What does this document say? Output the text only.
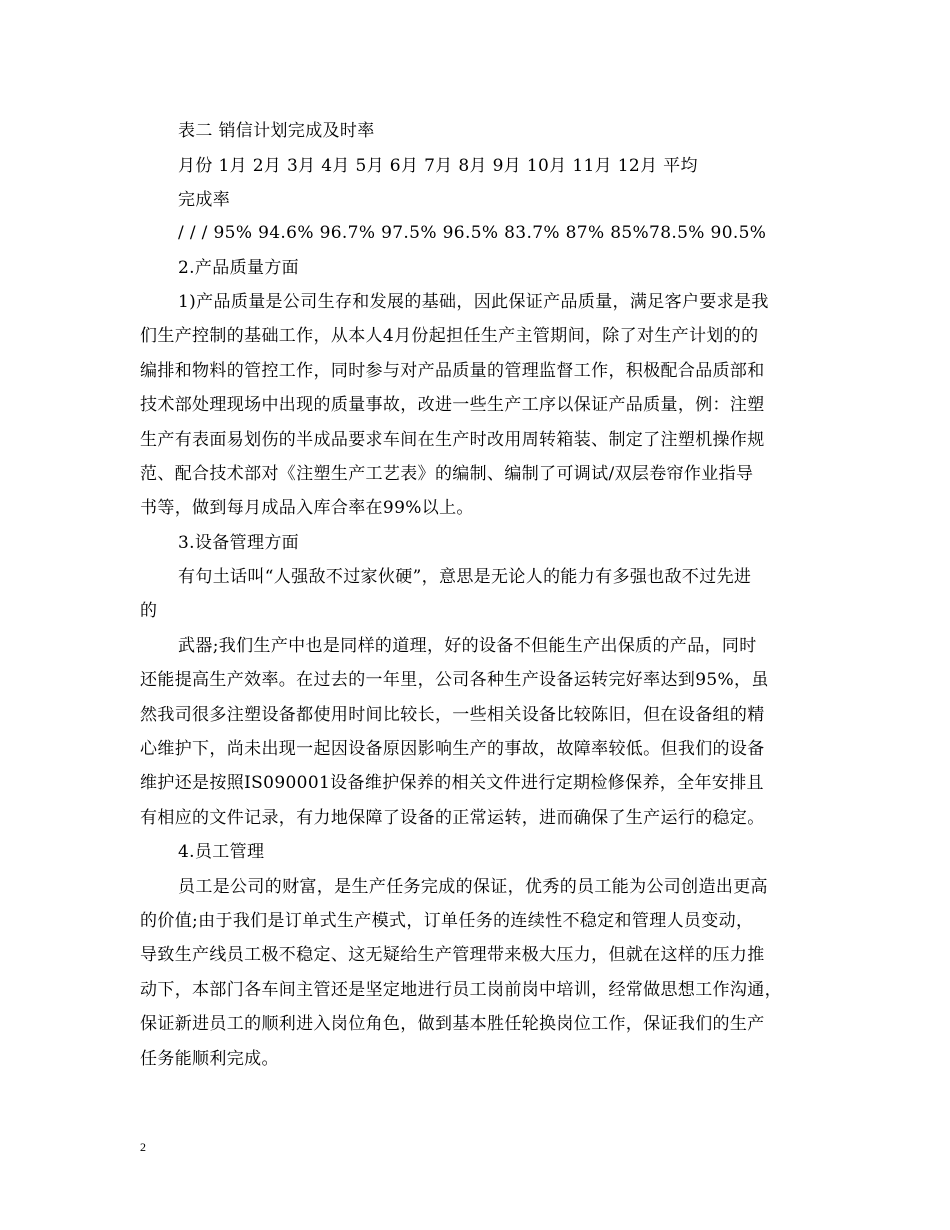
表二 销信计划完成及时率
月份 1月 2月 3月 4月 5月 6月 7月 8月 9月 10月 11月 12月 平均
完成率
/ / / 95% 94.6% 96.7% 97.5% 96.5% 83.7% 87% 85%78.5% 90.5%
2.产品质量方面
1)产品质量是公司生存和发展的基础，因此保证产品质量，满足客户要求是我
们生产控制的基础工作，从本人4月份起担任生产主管期间，除了对生产计划的的
编排和物料的管控工作，同时参与对产品质量的管理监督工作，积极配合品质部和
技术部处理现场中出现的质量事故，改进一些生产工序以保证产品质量，例：注塑
生产有表面易划伤的半成品要求车间在生产时改用周转箱装、制定了注塑机操作规
范、配合技术部对《注塑生产工艺表》的编制、编制了可调试/双层卷帘作业指导
书等，做到每月成品入库合率在99%以上。
3.设备管理方面
有句土话叫“人强敌不过家伙硬”，意思是无论人的能力有多强也敌不过先进
的
武器;我们生产中也是同样的道理，好的设备不但能生产出保质的产品，同时
还能提高生产效率。在过去的一年里，公司各种生产设备运转完好率达到95%，虽
然我司很多注塑设备都使用时间比较长，一些相关设备比较陈旧，但在设备组的精
心维护下，尚未出现一起因设备原因影响生产的事故，故障率较低。但我们的设备
维护还是按照IS090001设备维护保养的相关文件进行定期检修保养，全年安排且
有相应的文件记录，有力地保障了设备的正常运转，进而确保了生产运行的稳定。
4.员工管理
员工是公司的财富，是生产任务完成的保证，优秀的员工能为公司创造出更高
的价值;由于我们是订单式生产模式，订单任务的连续性不稳定和管理人员变动，
导致生产线员工极不稳定、这无疑给生产管理带来极大压力，但就在这样的压力推
动下，本部门各车间主管还是坚定地进行员工岗前岗中培训，经常做思想工作沟通，
保证新进员工的顺利进入岗位角色，做到基本胜任轮换岗位工作，保证我们的生产
任务能顺利完成。
2
